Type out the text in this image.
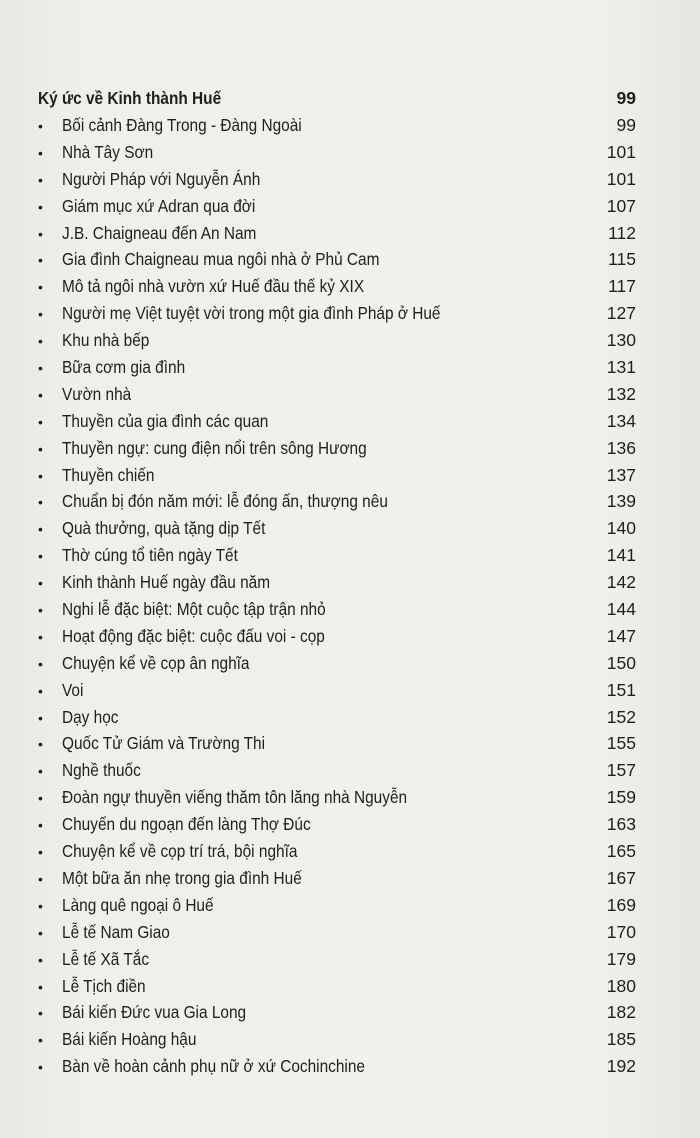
Ký ức về Kinh thành Huế	99
•	Bối cảnh Đàng Trong - Đàng Ngoài	99
•	Nhà Tây Sơn	101
•	Người Pháp với Nguyễn Ánh	101
•	Giám mục xứ Adran qua đời	107
•	J.B. Chaigneau đến An Nam	112
•	Gia đình Chaigneau mua ngôi nhà ở Phủ Cam	115
•	Mô tả ngôi nhà vườn xứ Huế đầu thế kỷ XIX	117
•	Người mẹ Việt tuyệt vời trong một gia đình Pháp ở Huế	127
•	Khu nhà bếp	130
•	Bữa cơm gia đình	131
•	Vườn nhà	132
•	Thuyền của gia đình các quan	134
•	Thuyền ngự: cung điện nổi trên sông Hương	136
•	Thuyền chiến	137
•	Chuẩn bị đón năm mới: lễ đóng ấn, thượng nêu	139
•	Quà thưởng, quà tặng dịp Tết	140
•	Thờ cúng tổ tiên ngày Tết	141
•	Kinh thành Huế ngày đầu năm	142
•	Nghi lễ đặc biệt: Một cuộc tập trận nhỏ	144
•	Hoạt động đặc biệt: cuộc đấu voi - cọp	147
•	Chuyện kể về cọp ân nghĩa	150
•	Voi	151
•	Dạy học	152
•	Quốc Tử Giám và Trường Thi	155
•	Nghề thuốc	157
•	Đoàn ngự thuyền viếng thăm tôn lăng nhà Nguyễn	159
•	Chuyến du ngoạn đến làng Thợ Đúc	163
•	Chuyện kể về cọp trí trá, bội nghĩa	165
•	Một bữa ăn nhẹ trong gia đình Huế	167
•	Làng quê ngoại ô Huế	169
•	Lễ tế Nam Giao	170
•	Lễ tế Xã Tắc	179
•	Lễ Tịch điền	180
•	Bái kiến Đức vua Gia Long	182
•	Bái kiến Hoàng hậu	185
•	Bàn về hoàn cảnh phụ nữ ở xứ Cochinchine	192
